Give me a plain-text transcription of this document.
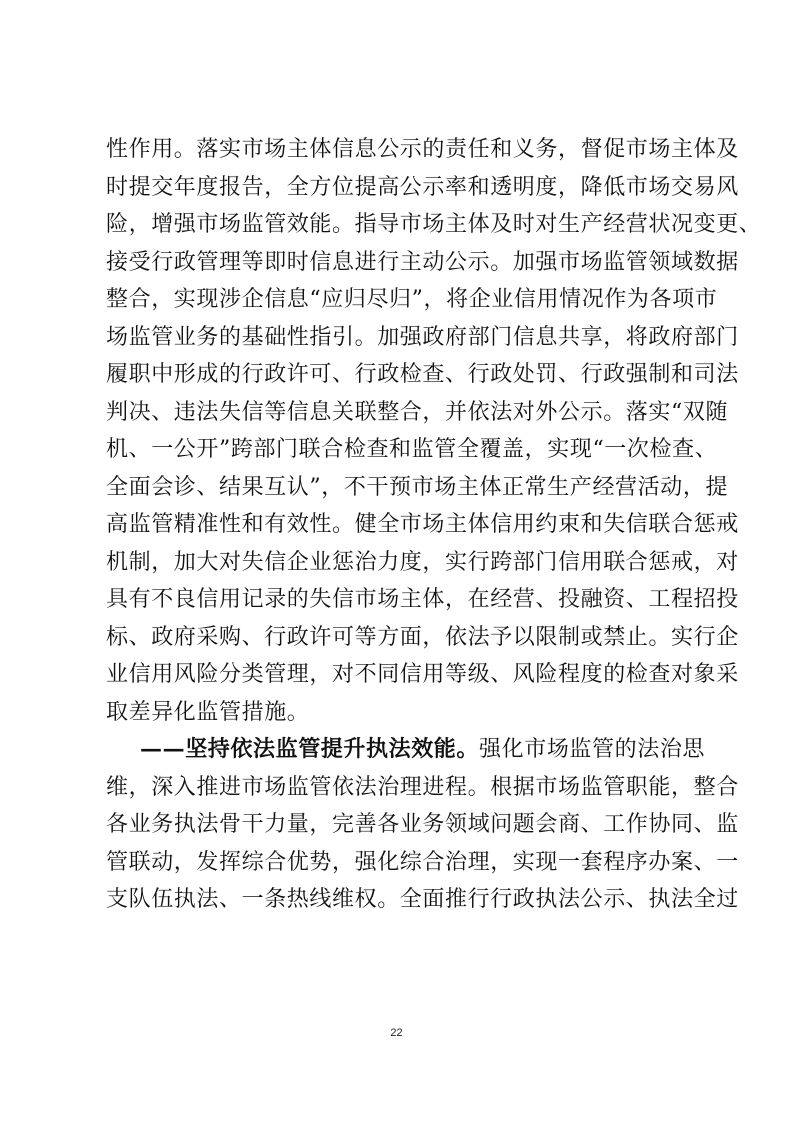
性作用。落实市场主体信息公示的责任和义务，督促市场主体及
时提交年度报告，全方位提高公示率和透明度，降低市场交易风
险，增强市场监管效能。指导市场主体及时对生产经营状况变更、
接受行政管理等即时信息进行主动公示。加强市场监管领域数据
整合，实现涉企信息“应归尽归”，将企业信用情况作为各项市
场监管业务的基础性指引。加强政府部门信息共享，将政府部门
履职中形成的行政许可、行政检查、行政处罚、行政强制和司法
判决、违法失信等信息关联整合，并依法对外公示。落实“双随
机、一公开”跨部门联合检查和监管全覆盖，实现“一次检查、
全面会诊、结果互认”，不干预市场主体正常生产经营活动，提
高监管精准性和有效性。健全市场主体信用约束和失信联合惩戒
机制，加大对失信企业惩治力度，实行跨部门信用联合惩戒，对
具有不良信用记录的失信市场主体，在经营、投融资、工程招投
标、政府采购、行政许可等方面，依法予以限制或禁止。实行企
业信用风险分类管理，对不同信用等级、风险程度的检查对象采
取差异化监管措施。
——坚持依法监管提升执法效能。强化市场监管的法治思
维，深入推进市场监管依法治理进程。根据市场监管职能，整合
各业务执法骨干力量，完善各业务领域问题会商、工作协同、监
管联动，发挥综合优势，强化综合治理，实现一套程序办案、一
支队伍执法、一条热线维权。全面推行行政执法公示、执法全过
22
